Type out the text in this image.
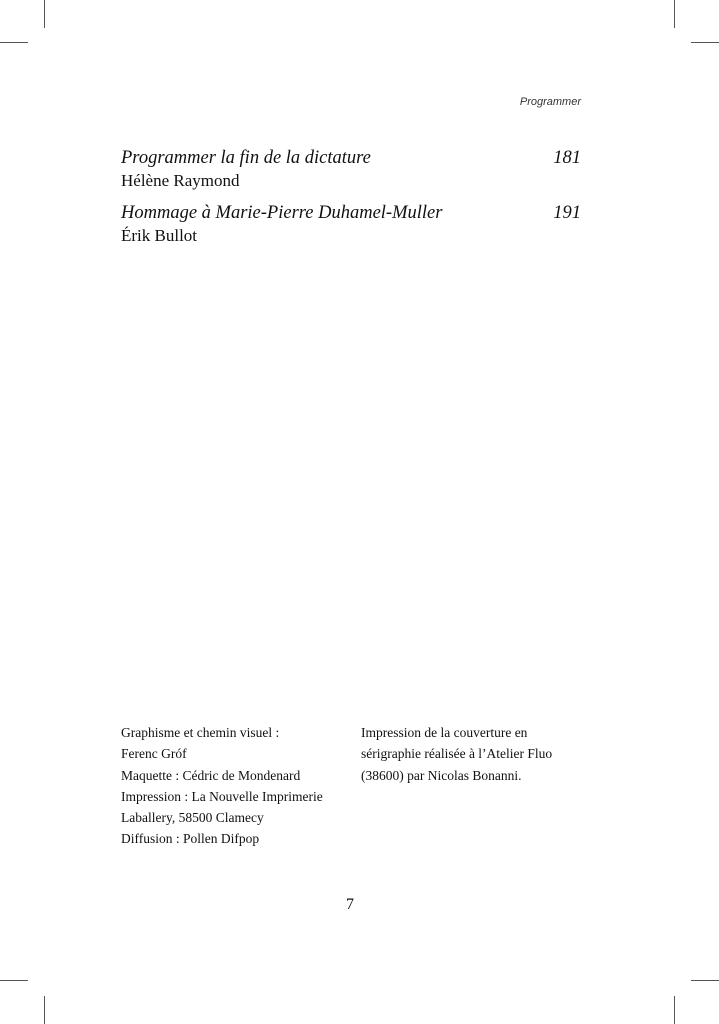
Programmer
Programmer la fin de la dictature	181
Hélène Raymond
Hommage à Marie-Pierre Duhamel-Muller	191
Érik Bullot
Graphisme et chemin visuel :
Ferenc Gróf
Maquette : Cédric de Mondenard
Impression : La Nouvelle Imprimerie
Laballery, 58500 Clamecy
Diffusion : Pollen Difpop
Impression de la couverture en
sérigraphie réalisée à l’Atelier Fluo
(38600) par Nicolas Bonanni.
7
